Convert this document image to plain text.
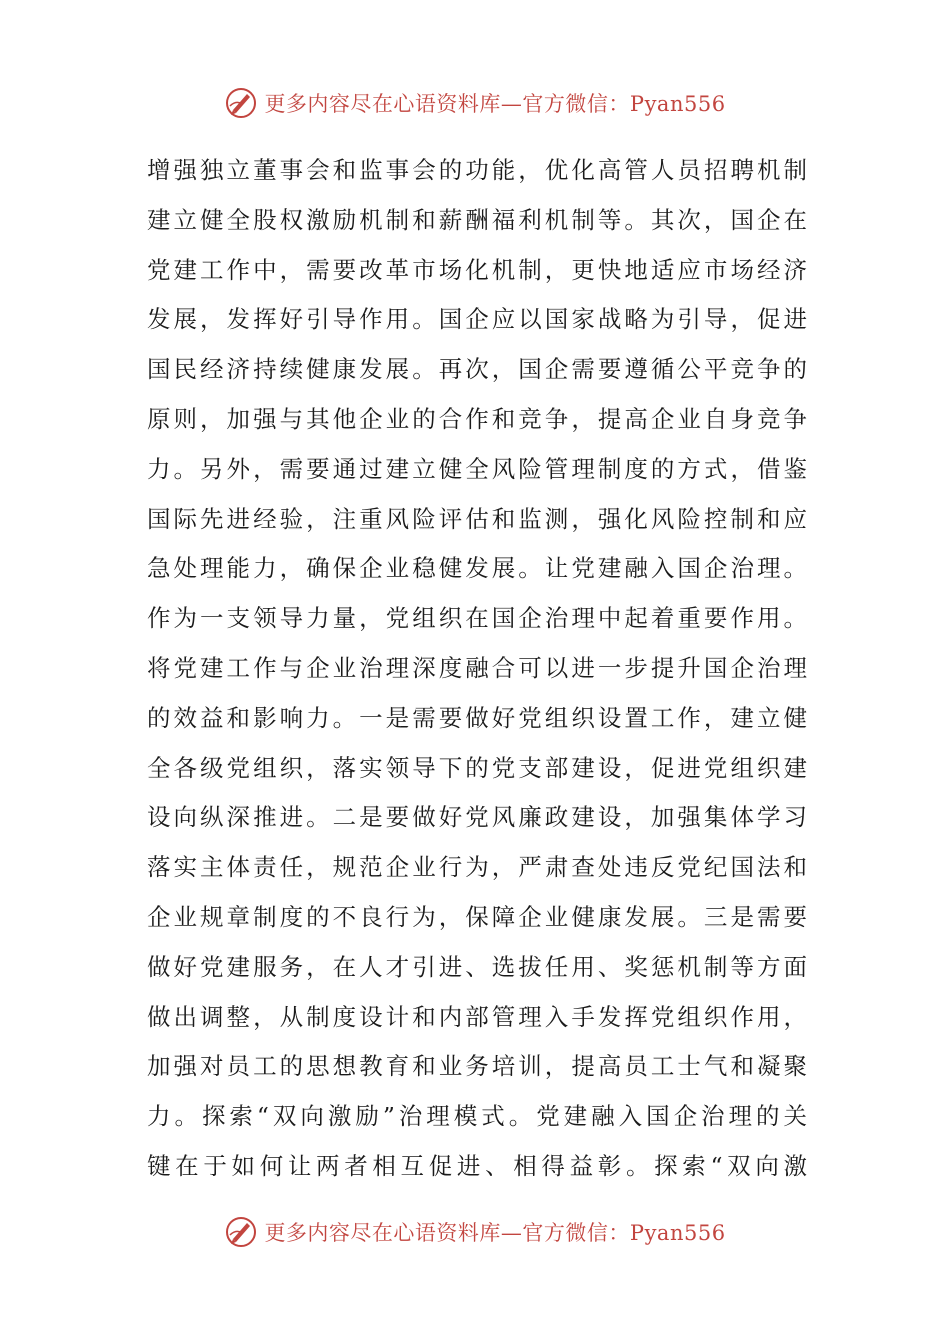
更多内容尽在心语资料库—官方微信：Pyan556
增强独立董事会和监事会的功能，优化高管人员招聘机制
建立健全股权激励机制和薪酬福利机制等。其次，国企在
党建工作中，需要改革市场化机制，更快地适应市场经济
发展，发挥好引导作用。国企应以国家战略为引导，促进
国民经济持续健康发展。再次，国企需要遵循公平竞争的
原则，加强与其他企业的合作和竞争，提高企业自身竞争
力。另外，需要通过建立健全风险管理制度的方式，借鉴
国际先进经验，注重风险评估和监测，强化风险控制和应
急处理能力，确保企业稳健发展。让党建融入国企治理。
作为一支领导力量，党组织在国企治理中起着重要作用。
将党建工作与企业治理深度融合可以进一步提升国企治理
的效益和影响力。一是需要做好党组织设置工作，建立健
全各级党组织，落实领导下的党支部建设，促进党组织建
设向纵深推进。二是要做好党风廉政建设，加强集体学习
落实主体责任，规范企业行为，严肃查处违反党纪国法和
企业规章制度的不良行为，保障企业健康发展。三是需要
做好党建服务，在人才引进、选拔任用、奖惩机制等方面
做出调整，从制度设计和内部管理入手发挥党组织作用，
加强对员工的思想教育和业务培训，提高员工士气和凝聚
力。探索“双向激励”治理模式。党建融入国企治理的关
键在于如何让两者相互促进、相得益彰。探索“双向激
更多内容尽在心语资料库—官方微信：Pyan556
